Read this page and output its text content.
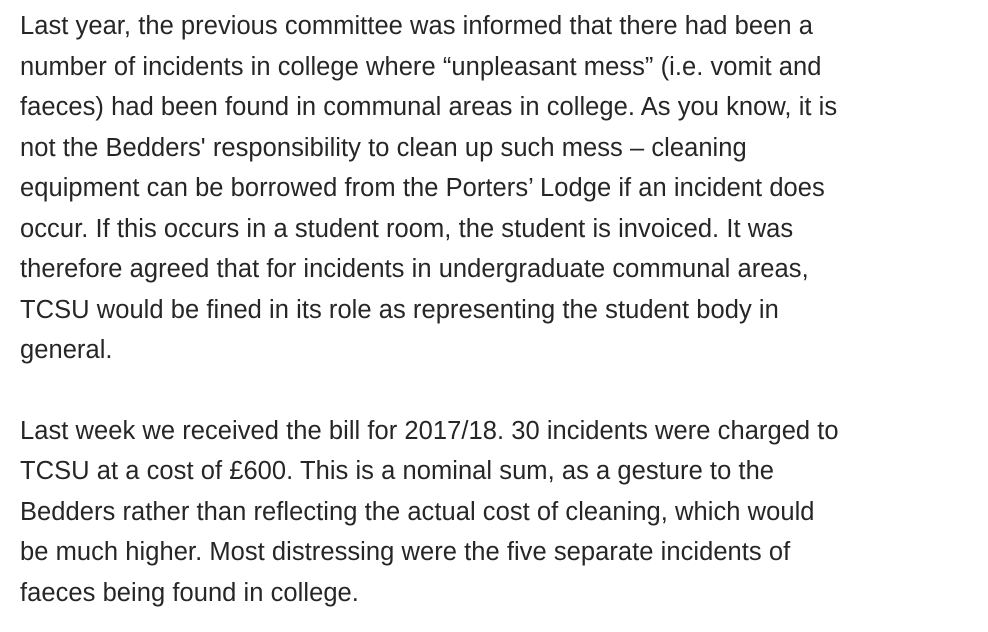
Last year, the previous committee was informed that there had been a
number of incidents in college where “unpleasant mess” (i.e. vomit and
faeces) had been found in communal areas in college. As you know, it is
not the Bedders' responsibility to clean up such mess – cleaning
equipment can be borrowed from the Porters’ Lodge if an incident does
occur. If this occurs in a student room, the student is invoiced. It was
therefore agreed that for incidents in undergraduate communal areas,
TCSU would be fined in its role as representing the student body in
general.

Last week we received the bill for 2017/18. 30 incidents were charged to
TCSU at a cost of £600. This is a nominal sum, as a gesture to the
Bedders rather than reflecting the actual cost of cleaning, which would
be much higher. Most distressing were the five separate incidents of
faeces being found in college.
